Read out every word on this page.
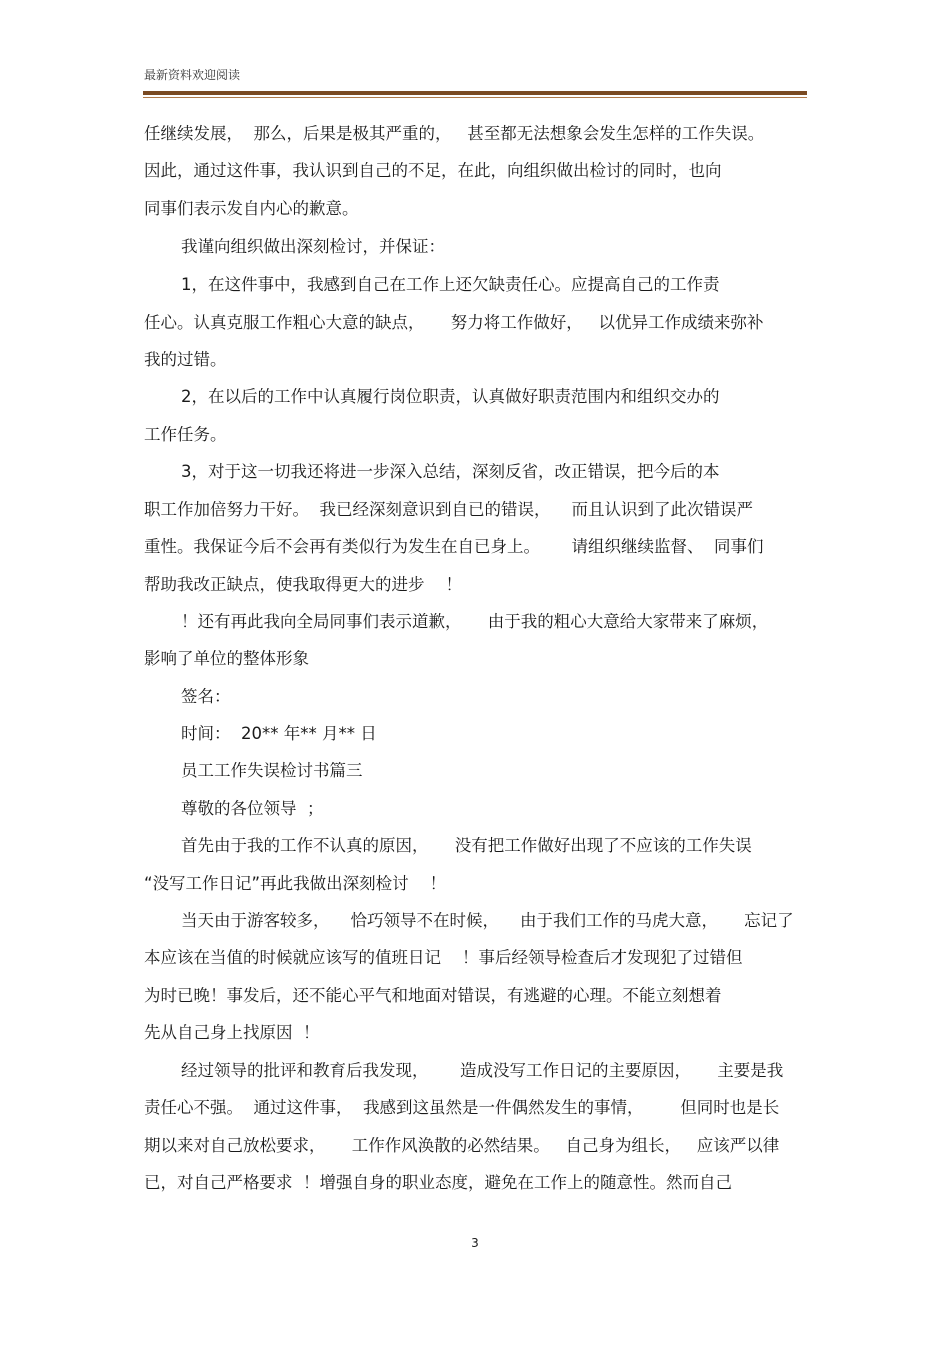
最新资料欢迎阅读
任继续发展，  那么，后果是极其严重的，   甚至都无法想象会发生怎样的工作失误。
因此，通过这件事，我认识到自己的不足，在此，向组织做出检讨的同时，也向
同事们表示发自内心的歉意。
我谨向组织做出深刻检讨，并保证：
1，在这件事中，我感到自己在工作上还欠缺责任心。应提高自己的工作责
任心。认真克服工作粗心大意的缺点，     努力将工作做好，   以优异工作成绩来弥补
我的过错。
2，在以后的工作中认真履行岗位职责，认真做好职责范围内和组织交办的
工作任务。
3，对于这一切我还将进一步深入总结，深刻反省，改正错误，把今后的本
职工作加倍努力干好。  我已经深刻意识到自已的错误，    而且认识到了此次错误严
重性。我保证今后不会再有类似行为发生在自已身上。      请组织继续监督、  同事们
帮助我改正缺点，使我取得更大的进步    ！
！还有再此我向全局同事们表示道歉，     由于我的粗心大意给大家带来了麻烦，
影响了单位的整体形象
签名：
时间：  20** 年** 月** 日
员工工作失误检讨书篇三
尊敬的各位领导  ；
首先由于我的工作不认真的原因，     没有把工作做好出现了不应该的工作失误
“没写工作日记”再此我做出深刻检讨    ！
当天由于游客较多，    恰巧领导不在时候，    由于我们工作的马虎大意，     忘记了
本应该在当值的时候就应该写的值班日记    ！事后经领导检查后才发现犯了过错但
为时已晚！事发后，还不能心平气和地面对错误，有逃避的心理。不能立刻想着
先从自己身上找原因  ！
经过领导的批评和教育后我发现，      造成没写工作日记的主要原因，     主要是我
责任心不强。  通过这件事，  我感到这虽然是一件偶然发生的事情，       但同时也是长
期以来对自己放松要求，     工作作风涣散的必然结果。   自己身为组长，   应该严以律
已，对自己严格要求  ！增强自身的职业态度，避免在工作上的随意性。然而自己
3
